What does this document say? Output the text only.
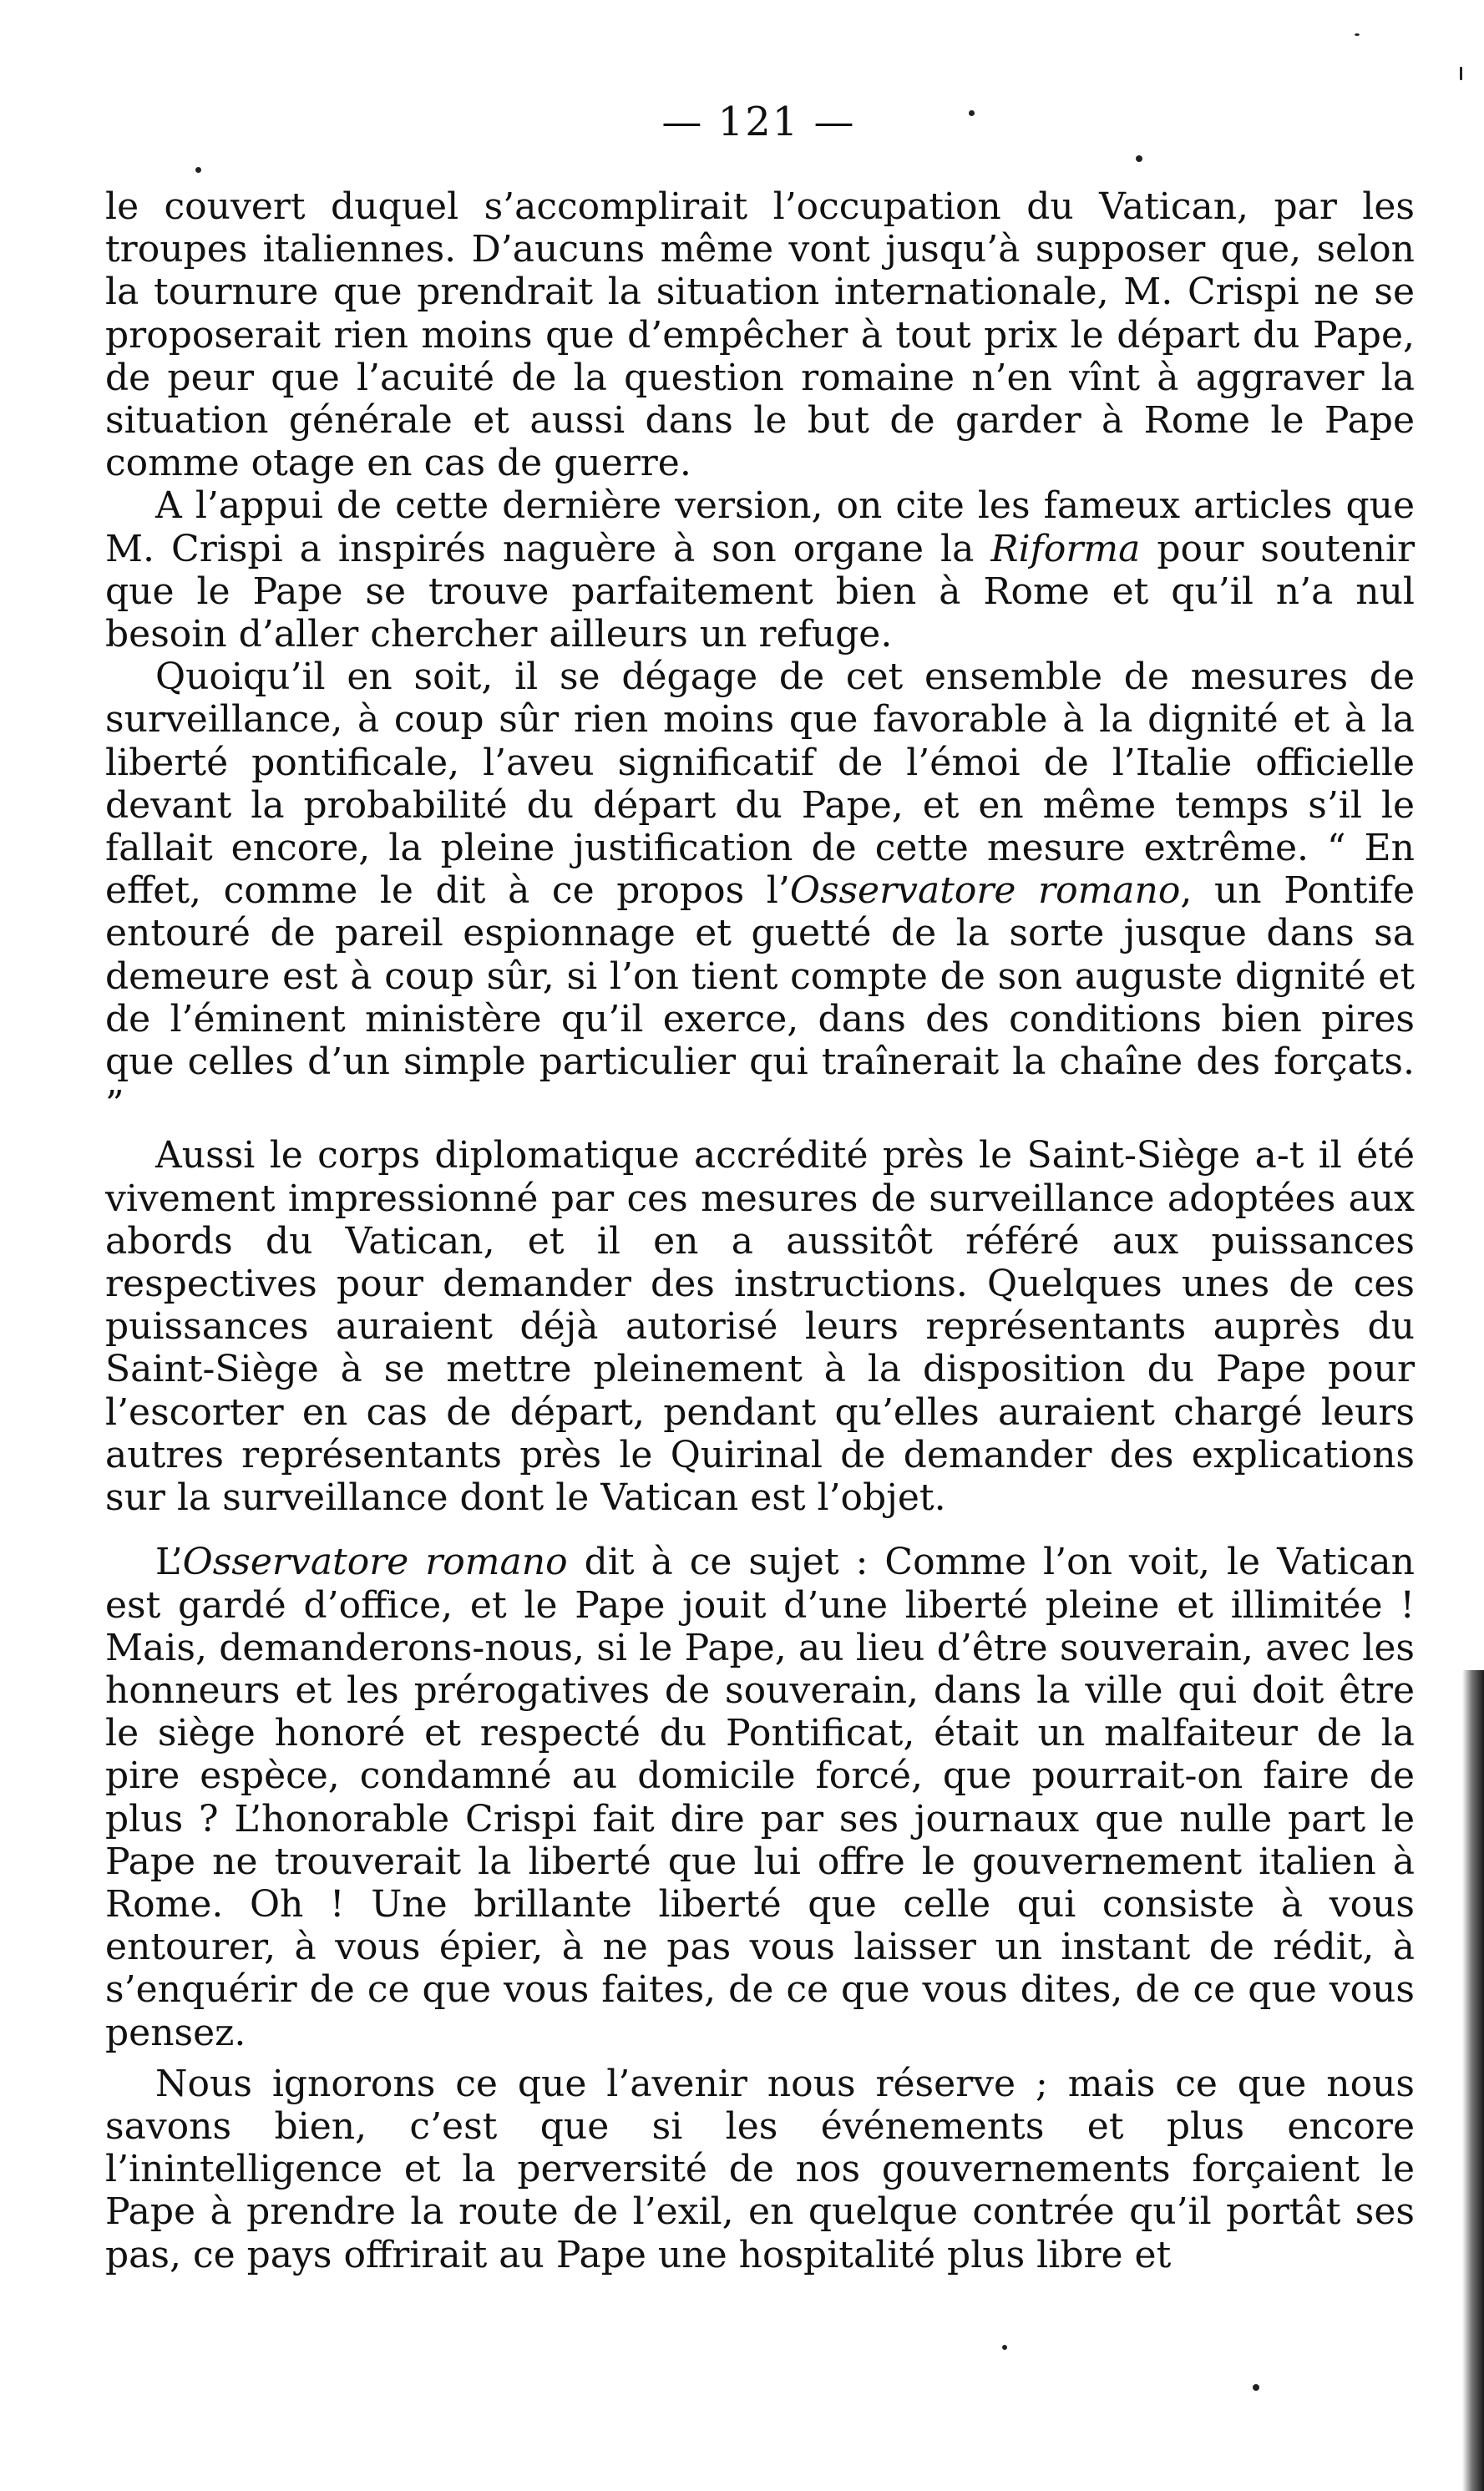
— 121 —

le couvert duquel s’accomplirait l’occupation du Vatican, par les troupes italiennes. D’aucuns même vont jusqu’à supposer que, selon la tournure que prendrait la situation internationale, M. Crispi ne se proposerait rien moins que d’empêcher à tout prix le départ du Pape, de peur que l’acuité de la question romaine n’en vînt à aggraver la situation générale et aussi dans le but de garder à Rome le Pape comme otage en cas de guerre.

A l’appui de cette dernière version, on cite les fameux articles que M. Crispi a inspirés naguère à son organe la Riforma pour soutenir que le Pape se trouve parfaitement bien à Rome et qu’il n’a nul besoin d’aller chercher ailleurs un refuge.

Quoiqu’il en soit, il se dégage de cet ensemble de mesures de surveillance, à coup sûr rien moins que favorable à la dignité et à la liberté pontificale, l’aveu significatif de l’émoi de l’Italie officielle devant la probabilité du départ du Pape, et en même temps s’il le fallait encore, la pleine justification de cette mesure extrême. “ En effet, comme le dit à ce propos l’Osservatore romano, un Pontife entouré de pareil espionnage et guetté de la sorte jusque dans sa demeure est à coup sûr, si l’on tient compte de son auguste dignité et de l’éminent ministère qu’il exerce, dans des conditions bien pires que celles d’un simple particulier qui traînerait la chaîne des forçats. ”

Aussi le corps diplomatique accrédité près le Saint-Siège a-t il été vivement impressionné par ces mesures de surveillance adoptées aux abords du Vatican, et il en a aussitôt référé aux puissances respectives pour demander des instructions. Quelques unes de ces puissances auraient déjà autorisé leurs représentants auprès du Saint-Siège à se mettre pleinement à la disposition du Pape pour l’escorter en cas de départ, pendant qu’elles auraient chargé leurs autres représentants près le Quirinal de demander des explications sur la surveillance dont le Vatican est l’objet.

L’Osservatore romano dit à ce sujet : Comme l’on voit, le Vatican est gardé d’office, et le Pape jouit d’une liberté pleine et illimitée ! Mais, demanderons-nous, si le Pape, au lieu d’être souverain, avec les honneurs et les prérogatives de souverain, dans la ville qui doit être le siège honoré et respecté du Pontificat, était un malfaiteur de la pire espèce, condamné au domicile forcé, que pourrait-on faire de plus ? L’honorable Crispi fait dire par ses journaux que nulle part le Pape ne trouverait la liberté que lui offre le gouvernement italien à Rome. Oh ! Une brillante liberté que celle qui consiste à vous entourer, à vous épier, à ne pas vous laisser un instant de rédit, à s’enquérir de ce que vous faites, de ce que vous dites, de ce que vous pensez.

Nous ignorons ce que l’avenir nous réserve ; mais ce que nous savons bien, c’est que si les événements et plus encore l’inintelligence et la perversité de nos gouvernements forçaient le Pape à prendre la route de l’exil, en quelque contrée qu’il portât ses pas, ce pays offrirait au Pape une hospitalité plus libre et
